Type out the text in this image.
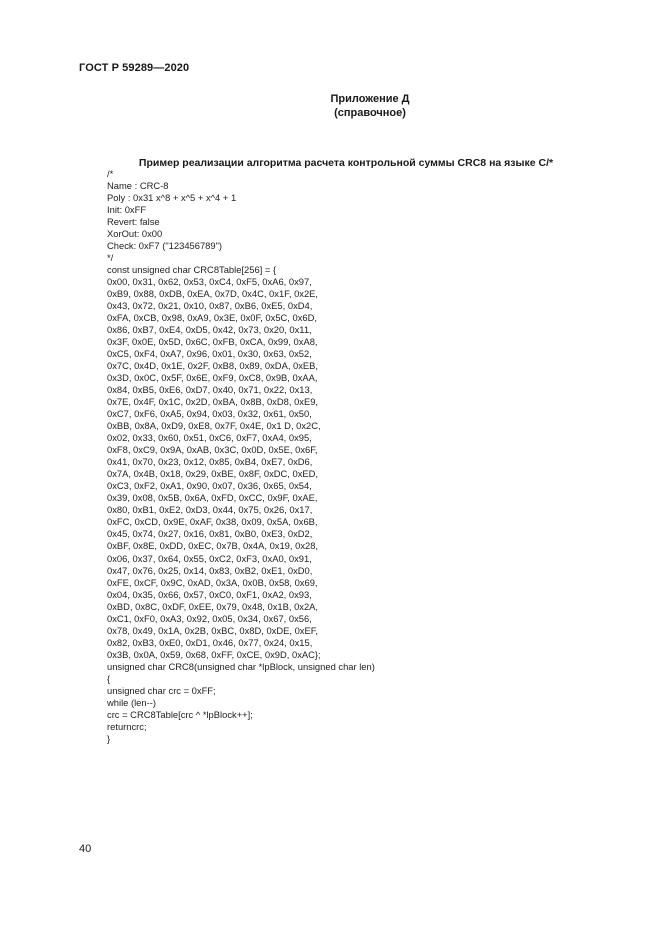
ГОСТ Р 59289—2020
Приложение Д
(справочное)
Пример реализации алгоритма расчета контрольной суммы CRC8 на языке С/*
/*
Name : CRC-8
Poly : 0x31 x^8 + x^5 + x^4 + 1
Init: 0xFF
Revert: false
XorOut: 0x00
Check: 0xF7 ("123456789")
*/
const unsigned char CRC8Table[256] = {
0x00, 0x31, 0x62, 0x53, 0xC4, 0xF5, 0xA6, 0x97,
0xB9, 0x88, 0xDB, 0xEA, 0x7D, 0x4C, 0x1F, 0x2E,
0x43, 0x72, 0x21, 0x10, 0x87, 0xB6, 0xE5, 0xD4,
0xFA, 0xCB, 0x98, 0xA9, 0x3E, 0x0F, 0x5C, 0x6D,
0x86, 0xB7, 0xE4, 0xD5, 0x42, 0x73, 0x20, 0x11,
0x3F, 0x0E, 0x5D, 0x6C, 0xFB, 0xCA, 0x99, 0xA8,
0xC5, 0xF4, 0xA7, 0x96, 0x01, 0x30, 0x63, 0x52,
0x7C, 0x4D, 0x1E, 0x2F, 0xB8, 0x89, 0xDA, 0xEB,
0x3D, 0x0C, 0x5F, 0x6E, 0xF9, 0xC8, 0x9B, 0xAA,
0x84, 0xB5, 0xE6, 0xD7, 0x40, 0x71, 0x22, 0x13,
0x7E, 0x4F, 0x1C, 0x2D, 0xBA, 0x8B, 0xD8, 0xE9,
0xC7, 0xF6, 0xA5, 0x94, 0x03, 0x32, 0x61, 0x50,
0xBB, 0x8A, 0xD9, 0xE8, 0x7F, 0x4E, 0x1 D, 0x2C,
0x02, 0x33, 0x60, 0x51, 0xC6, 0xF7, 0xA4, 0x95,
0xF8, 0xC9, 0x9A, 0xAB, 0x3C, 0x0D, 0x5E, 0x6F,
0x41, 0x70, 0x23, 0x12, 0x85, 0xB4, 0xE7, 0xD6,
0x7A, 0x4B, 0x18, 0x29, 0xBE, 0x8F, 0xDC, 0xED,
0xC3, 0xF2, 0xA1, 0x90, 0x07, 0x36, 0x65, 0x54,
0x39, 0x08, 0x5B, 0x6A, 0xFD, 0xCC, 0x9F, 0xAE,
0x80, 0xB1, 0xE2, 0xD3, 0x44, 0x75, 0x26, 0x17,
0xFC, 0xCD, 0x9E, 0xAF, 0x38, 0x09, 0x5A, 0x6B,
0x45, 0x74, 0x27, 0x16, 0x81, 0xB0, 0xE3, 0xD2,
0xBF, 0x8E, 0xDD, 0xEC, 0x7B, 0x4A, 0x19, 0x28,
0x06, 0x37, 0x64, 0x55, 0xC2, 0xF3, 0xA0, 0x91,
0x47, 0x76, 0x25, 0x14, 0x83, 0xB2, 0xE1, 0xD0,
0xFE, 0xCF, 0x9C, 0xAD, 0x3A, 0x0B, 0x58, 0x69,
0x04, 0x35, 0x66, 0x57, 0xC0, 0xF1, 0xA2, 0x93,
0xBD, 0x8C, 0xDF, 0xEE, 0x79, 0x48, 0x1B, 0x2A,
0xC1, 0xF0, 0xA3, 0x92, 0x05, 0x34, 0x67, 0x56,
0x78, 0x49, 0x1A, 0x2B, 0xBC, 0x8D, 0xDE, 0xEF,
0x82, 0xB3, 0xE0, 0xD1, 0x46, 0x77, 0x24, 0x15,
0x3B, 0x0A, 0x59, 0x68, 0xFF, 0xCE, 0x9D, 0xAC};
unsigned char CRC8(unsigned char *lpBlock, unsigned char len)
{
unsigned char crc = 0xFF;
while (len--)
crc = CRC8Table[crc ^ *lpBlock++];
returncrc;
}
40
